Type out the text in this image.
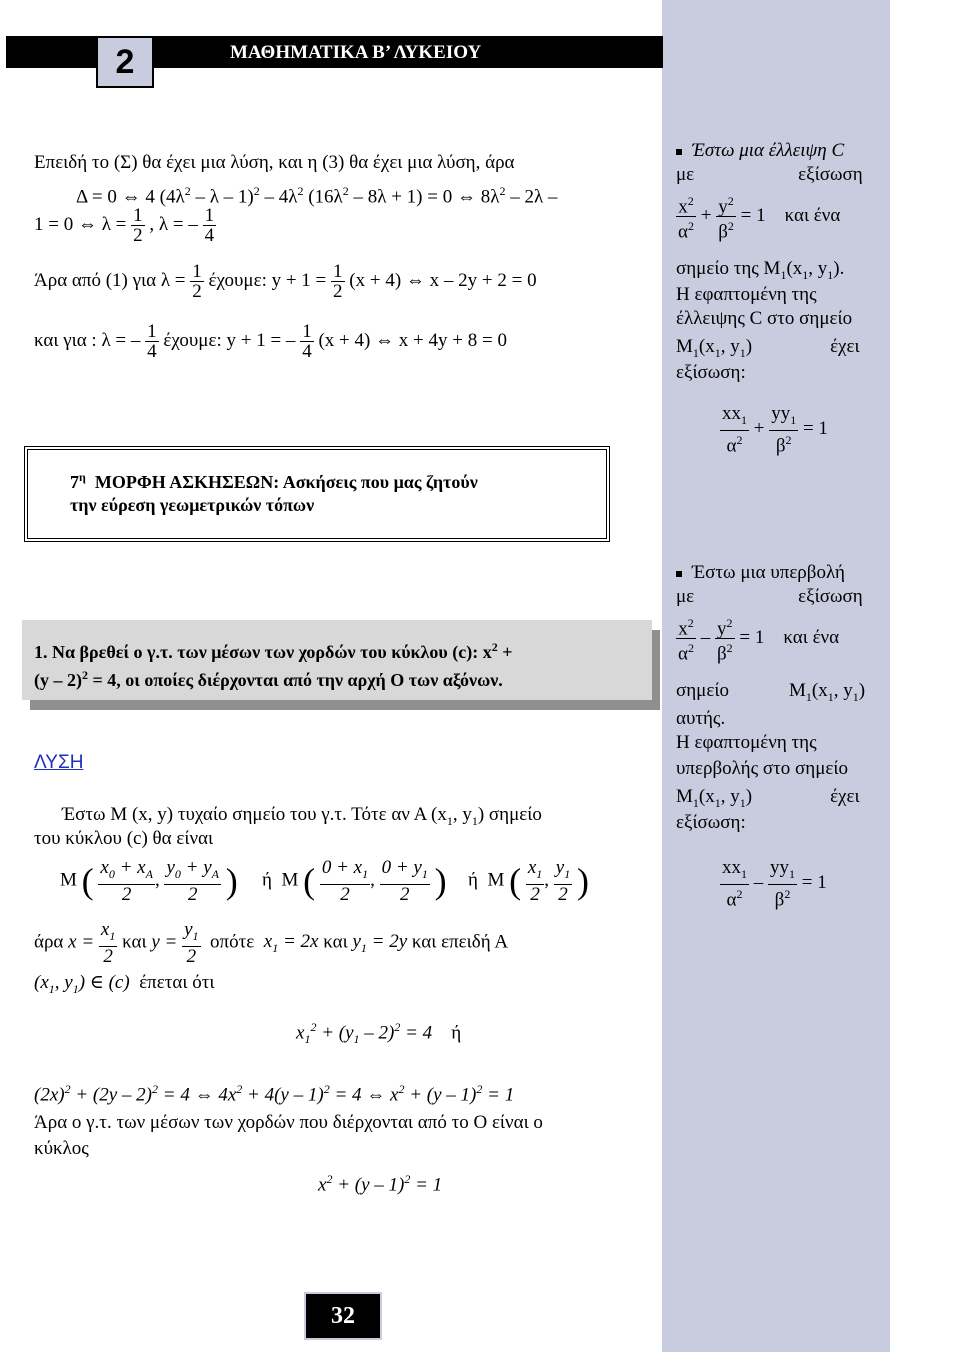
ΜΑΘΗΜΑΤΙΚΑ Β’ ΛΥΚΕΙΟΥ
2
Επειδή το (Σ) θα έχει μια λύση, και η (3) θα έχει μια λύση, άρα
Δ = 0 ⇔ 4 ($4\lambda^2$ – λ – $1)^2 - 4\lambda^2$ $(16\lambda^2 - 8\lambda + 1) = 0$ ⇔ $8\lambda^2 - 2\lambda$ –
1 = 0 ⇔ $\lambda = \frac{1}{2}$ , λ = – $\frac{1}{4}$
Άρα από (1) για $\lambda = \frac{1}{2} έ\chi o\upsilon\mu\varepsilon$: $y + 1 = \frac{1}{2} (x + 4)$ ⇔ x – 2y + 2 = 0
και για : λ = – $\frac{1}{4} έ\chi o\upsilon\mu\varepsilon$: y + 1 = – $\frac{1}{4} (x + 4)$ ⇔ x + 4y + 8 = 0
$7^\eta$ ΜΟΡΦΗ ΑΣΚΗΣΕΩΝ: Ασκήσεις που μας ζητούν
την εύρεση γεωμετρικών τόπων
1. Να βρεθεί ο γ.τ. των μέσων των χορδών του κύκλου (c): $x^2$ +
(y – 2)$^2$ = 4, οι οποίες διέρχονται από την αρχή Ο των αξόνων.
ΛΥΣΗ
Έστω Μ (x, y) τυχαίο σημείο του γ.τ. Τότε αν Α ($x_1$, $y_1$) σημείο
του κύκλου (c) θα είναι
Μ ( $\frac{x_0 + x_A}{2}$ , $\frac{y_0 + y_A}{2}$ ) ή Μ ( $\frac{0 + x_1}{2}$ , $\frac{0 + y_1}{2}$ ) ή Μ ( $\frac{x_1}{2}$ , $\frac{y_1}{2}$ )
άρα $x = \frac{x_1}{2}$ και $y = \frac{y_1}{2}$ οπότε $x_1 = 2x$ και $y_1 = 2y$ και επειδή Α
($x_1$, $y_1$) ∈ (c) έπεται ότι
$x_1^2 + (y_1 - 2)^2 = 4$    ή
$(2x)^2 + (2y - 2)^2 = 4$ ⇔ $4x^2 + 4(y - 1)^2 = 4$ ⇔ $x^2 + (y - 1)^2 = 1$
Άρα ο γ.τ. των μέσων των χορδών που διέρχονται από το Ο είναι ο
κύκλος
$x^2 + (y - 1)^2 = 1$
Έστω μια έλλειψη C
με	εξίσωση
$\frac{x^2}{\alpha^2} + \frac{y^2}{\beta^2} = 1$    και ένα
σημείο της $M_1(x_1$, $y_1$).
Η εφαπτομένη της
έλλειψης C στο σημείο
$M_1(x_1$, $y_1$)	έχει
εξίσωση:
$\frac{xx_1}{\alpha^2} + \frac{yy_1}{\beta^2} = 1$
Έστω μια υπερβολή
με	εξίσωση
$\frac{x^2}{\alpha^2} - \frac{y^2}{\beta^2} = 1$    και ένα
σημείο	$M_1(x_1$, $y_1$)
αυτής.
Η εφαπτομένη της
υπερβολής στο σημείο
$M_1(x_1$, $y_1$)	έχει
εξίσωση:
$\frac{xx_1}{\alpha^2} - \frac{yy_1}{\beta^2} = 1$
32
